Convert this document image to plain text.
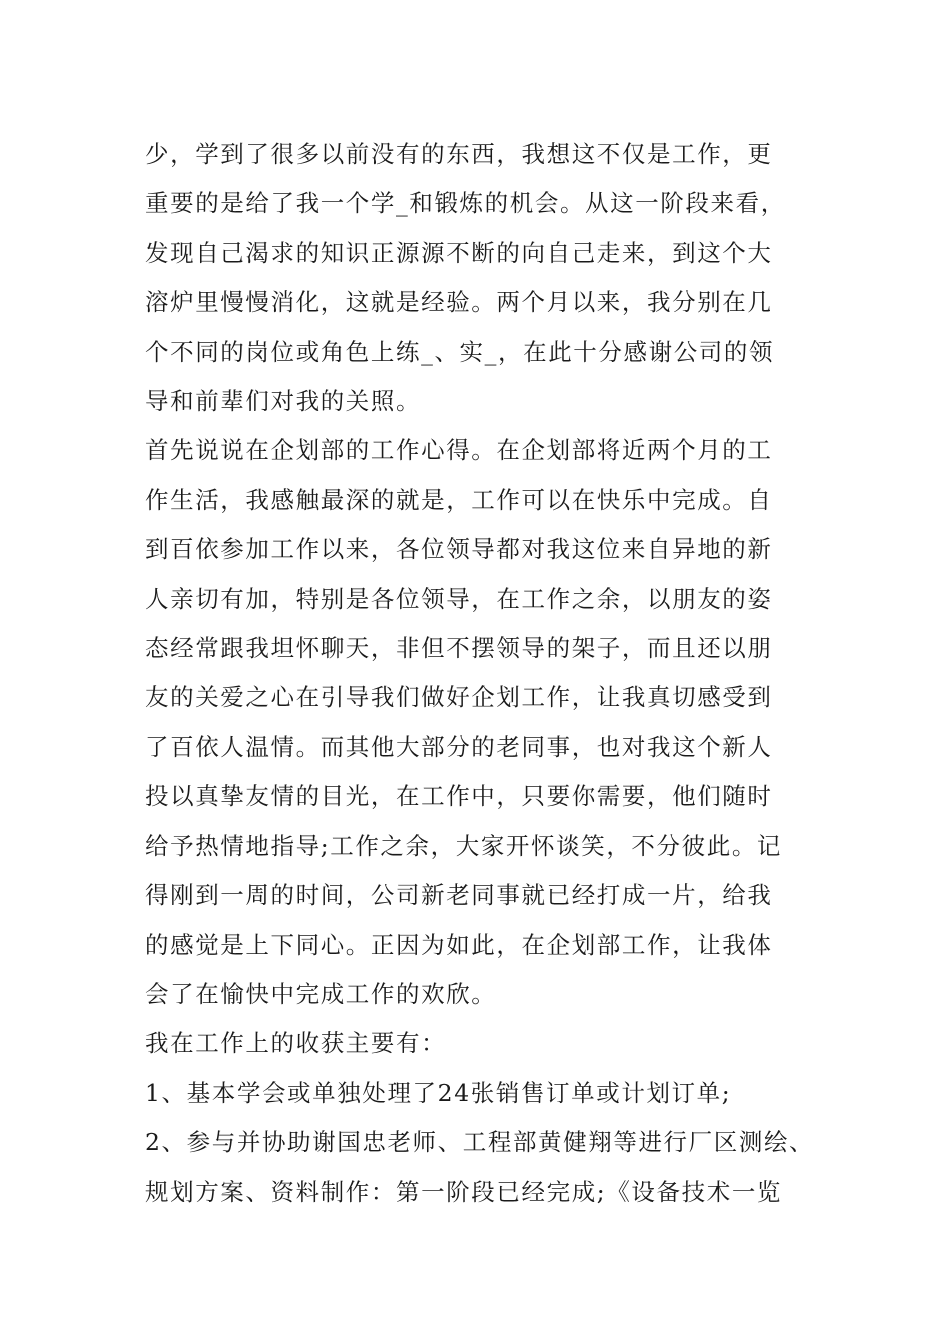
少，学到了很多以前没有的东西，我想这不仅是工作，更
重要的是给了我一个学_和锻炼的机会。从这一阶段来看，
发现自己渴求的知识正源源不断的向自己走来，到这个大
溶炉里慢慢消化，这就是经验。两个月以来，我分别在几
个不同的岗位或角色上练_、实_，在此十分感谢公司的领
导和前辈们对我的关照。
首先说说在企划部的工作心得。在企划部将近两个月的工
作生活，我感触最深的就是，工作可以在快乐中完成。自
到百依参加工作以来，各位领导都对我这位来自异地的新
人亲切有加，特别是各位领导，在工作之余，以朋友的姿
态经常跟我坦怀聊天，非但不摆领导的架子，而且还以朋
友的关爱之心在引导我们做好企划工作，让我真切感受到
了百依人温情。而其他大部分的老同事，也对我这个新人
投以真挚友情的目光，在工作中，只要你需要，他们随时
给予热情地指导;工作之余，大家开怀谈笑，不分彼此。记
得刚到一周的时间，公司新老同事就已经打成一片，给我
的感觉是上下同心。正因为如此，在企划部工作，让我体
会了在愉快中完成工作的欢欣。
我在工作上的收获主要有：
1、基本学会或单独处理了24张销售订单或计划订单;
2、参与并协助谢国忠老师、工程部黄健翔等进行厂区测绘、
规划方案、资料制作：第一阶段已经完成;《设备技术一览
